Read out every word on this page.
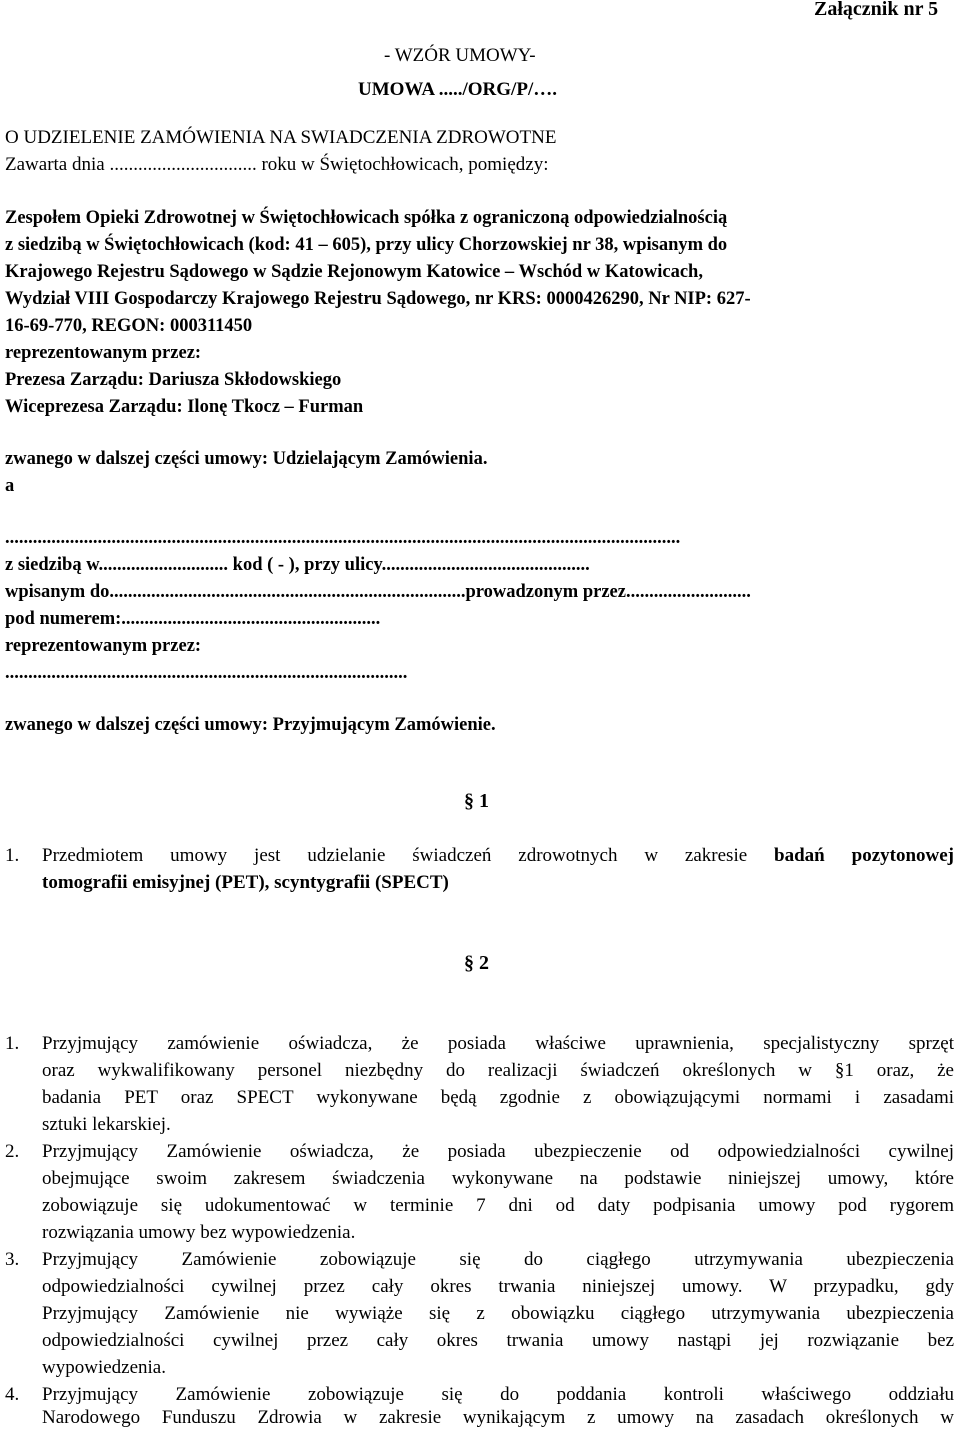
Załącznik nr 5
- WZÓR UMOWY-
UMOWA ...../ORG/P/….
O UDZIELENIE ZAMÓWIENIA NA SWIADCZENIA ZDROWOTNE
Zawarta dnia ............................... roku w Świętochłowicach, pomiędzy:
Zespołem Opieki Zdrowotnej w Świętochłowicach spółka z ograniczoną odpowiedzialnością
z siedzibą w Świętochłowicach (kod: 41 – 605), przy ulicy Chorzowskiej nr 38, wpisanym do
Krajowego Rejestru Sądowego w Sądzie Rejonowym Katowice – Wschód w Katowicach,
Wydział VIII Gospodarczy Krajowego Rejestru Sądowego, nr KRS: 0000426290, Nr NIP: 627-
16-69-770, REGON: 000311450
reprezentowanym przez:
Prezesa Zarządu: Dariusza Skłodowskiego
Wiceprezesa Zarządu: Ilonę Tkocz – Furman
zwanego w dalszej części umowy: Udzielającym Zamówienia.
a
..................................................................................................................................................
z siedzibą w............................ kod ( - ), przy ulicy.............................................
wpisanym do.............................................................................prowadzonym przez...........................
pod numerem:........................................................
reprezentowanym przez:
.......................................................................................
zwanego w dalszej części umowy: Przyjmującym Zamówienie.
§ 1
1. Przedmiotem umowy jest udzielanie świadczeń zdrowotnych w zakresie badań pozytonowej
tomografii emisyjnej (PET), scyntygrafii (SPECT)
§ 2
1. Przyjmujący zamówienie oświadcza, że posiada właściwe uprawnienia, specjalistyczny sprzęt
oraz wykwalifikowany personel niezbędny do realizacji świadczeń określonych w §1 oraz, że
badania PET oraz SPECT wykonywane będą zgodnie z obowiązującymi normami i zasadami
sztuki lekarskiej.
2. Przyjmujący Zamówienie oświadcza, że posiada ubezpieczenie od odpowiedzialności cywilnej
obejmujące swoim zakresem świadczenia wykonywane na podstawie niniejszej umowy, które
zobowiązuje się udokumentować w terminie 7 dni od daty podpisania umowy pod rygorem
rozwiązania umowy bez wypowiedzenia.
3. Przyjmujący Zamówienie zobowiązuje się do ciągłego utrzymywania ubezpieczenia
odpowiedzialności cywilnej przez cały okres trwania niniejszej umowy. W przypadku, gdy
Przyjmujący Zamówienie nie wywiąże się z obowiązku ciągłego utrzymywania ubezpieczenia
odpowiedzialności cywilnej przez cały okres trwania umowy nastąpi jej rozwiązanie bez
wypowiedzenia.
4. Przyjmujący Zamówienie zobowiązuje się do poddania kontroli właściwego oddziału
Narodowego Funduszu Zdrowia w zakresie wynikającym z umowy na zasadach określonych w
